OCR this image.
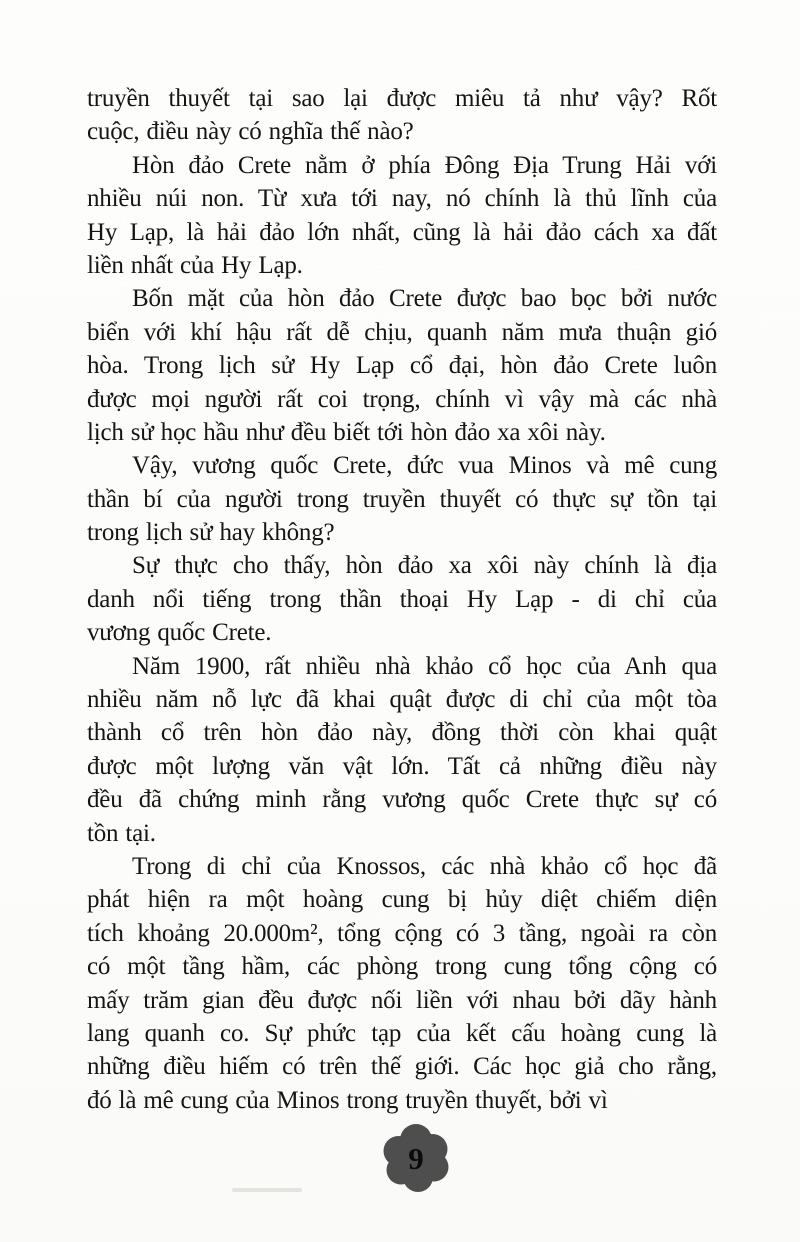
truyền thuyết tại sao lại được miêu tả như vậy? Rốt
cuộc, điều này có nghĩa thế nào?
Hòn đảo Crete nằm ở phía Đông Địa Trung Hải với
nhiều núi non. Từ xưa tới nay, nó chính là thủ lĩnh của
Hy Lạp, là hải đảo lớn nhất, cũng là hải đảo cách xa đất
liền nhất của Hy Lạp.
Bốn mặt của hòn đảo Crete được bao bọc bởi nước
biển với khí hậu rất dễ chịu, quanh năm mưa thuận gió
hòa. Trong lịch sử Hy Lạp cổ đại, hòn đảo Crete luôn
được mọi người rất coi trọng, chính vì vậy mà các nhà
lịch sử học hầu như đều biết tới hòn đảo xa xôi này.
Vậy, vương quốc Crete, đức vua Minos và mê cung
thần bí của người trong truyền thuyết có thực sự tồn tại
trong lịch sử hay không?
Sự thực cho thấy, hòn đảo xa xôi này chính là địa
danh nổi tiếng trong thần thoại Hy Lạp - di chỉ của
vương quốc Crete.
Năm 1900, rất nhiều nhà khảo cổ học của Anh qua
nhiều năm nỗ lực đã khai quật được di chỉ của một tòa
thành cổ trên hòn đảo này, đồng thời còn khai quật
được một lượng văn vật lớn. Tất cả những điều này
đều đã chứng minh rằng vương quốc Crete thực sự có
tồn tại.
Trong di chỉ của Knossos, các nhà khảo cổ học đã
phát hiện ra một hoàng cung bị hủy diệt chiếm diện
tích khoảng 20.000m², tổng cộng có 3 tầng, ngoài ra còn
có một tầng hầm, các phòng trong cung tổng cộng có
mấy trăm gian đều được nối liền với nhau bởi dãy hành
lang quanh co. Sự phức tạp của kết cấu hoàng cung là
những điều hiếm có trên thế giới. Các học giả cho rằng,
đó là mê cung của Minos trong truyền thuyết, bởi vì
9
